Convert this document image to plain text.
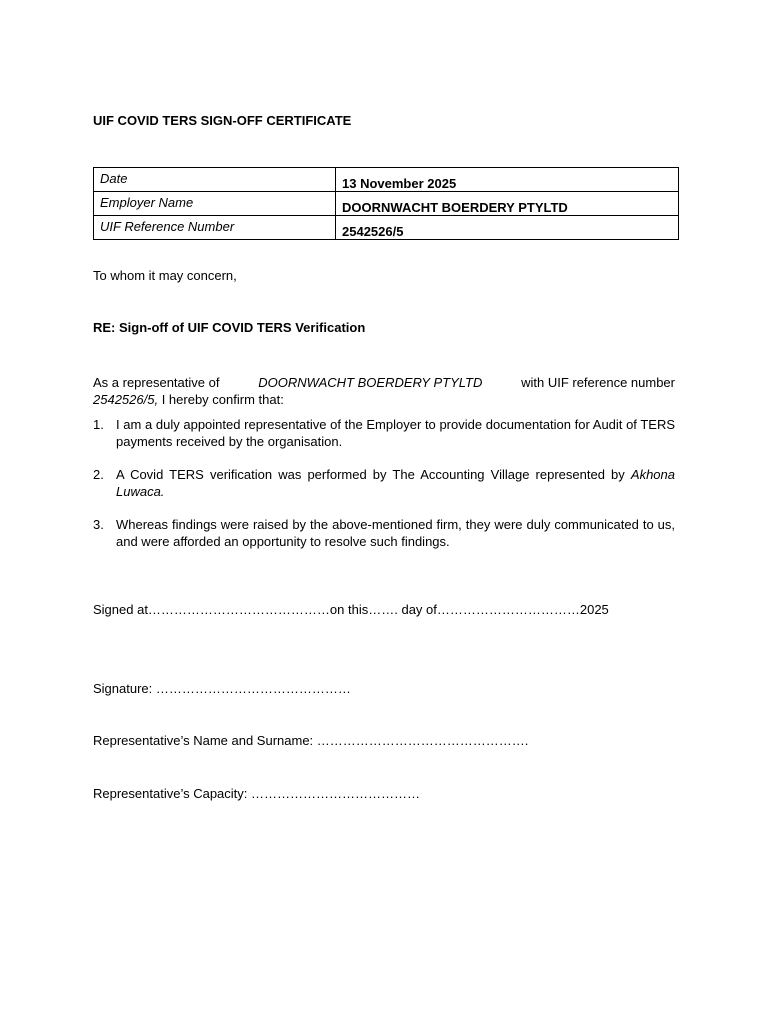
UIF COVID TERS SIGN-OFF CERTIFICATE
Date	13 November 2025
Employer Name	DOORNWACHT BOERDERY PTYLTD
UIF Reference Number	2542526/5
To whom it may concern,
RE: Sign-off of UIF COVID TERS Verification
As a representative of	DOORNWACHT BOERDERY PTYLTD	with UIF reference number
2542526/5, I hereby confirm that:
1. I am a duly appointed representative of the Employer to provide documentation for Audit of TERS payments received by the organisation.
2. A Covid TERS verification was performed by The Accounting Village represented by Akhona Luwaca.
3. Whereas findings were raised by the above-mentioned firm, they were duly communicated to us, and were afforded an opportunity to resolve such findings.
Signed at……………………………………on this……. day of……………………………2025
Signature: ………………………………………
Representative’s Name and Surname: ………………………………………….
Representative’s Capacity: …………………………………
